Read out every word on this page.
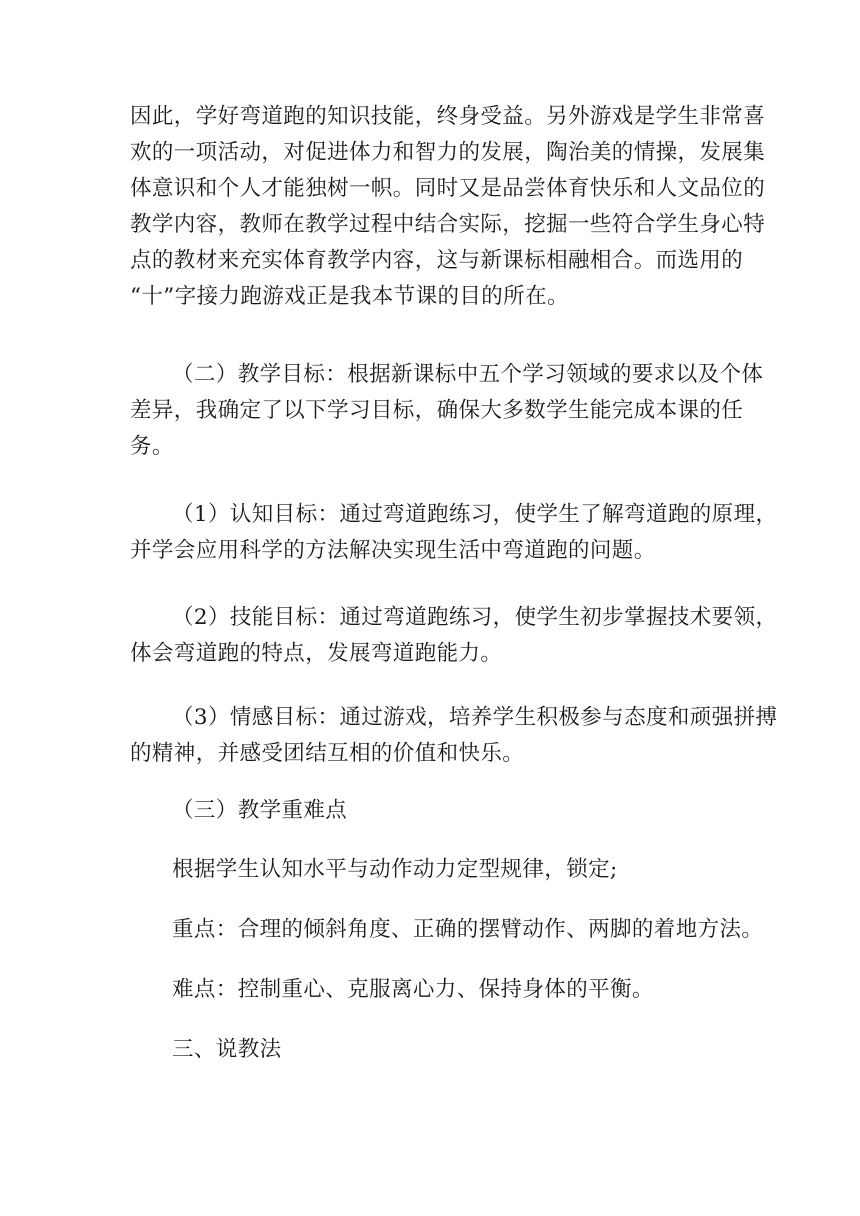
因此，学好弯道跑的知识技能，终身受益。另外游戏是学生非常喜
欢的一项活动，对促进体力和智力的发展，陶治美的情操，发展集
体意识和个人才能独树一帜。同时又是品尝体育快乐和人文品位的
教学内容，教师在教学过程中结合实际，挖掘一些符合学生身心特
点的教材来充实体育教学内容，这与新课标相融相合。而选用的
“十”字接力跑游戏正是我本节课的目的所在。
（二）教学目标：根据新课标中五个学习领域的要求以及个体
差异，我确定了以下学习目标，确保大多数学生能完成本课的任
务。
（1）认知目标：通过弯道跑练习，使学生了解弯道跑的原理，
并学会应用科学的方法解决实现生活中弯道跑的问题。
（2）技能目标：通过弯道跑练习，使学生初步掌握技术要领，
体会弯道跑的特点，发展弯道跑能力。
（3）情感目标：通过游戏，培养学生积极参与态度和顽强拼搏
的精神，并感受团结互相的价值和快乐。
（三）教学重难点
根据学生认知水平与动作动力定型规律，锁定;
重点：合理的倾斜角度、正确的摆臂动作、两脚的着地方法。
难点：控制重心、克服离心力、保持身体的平衡。
三、说教法
